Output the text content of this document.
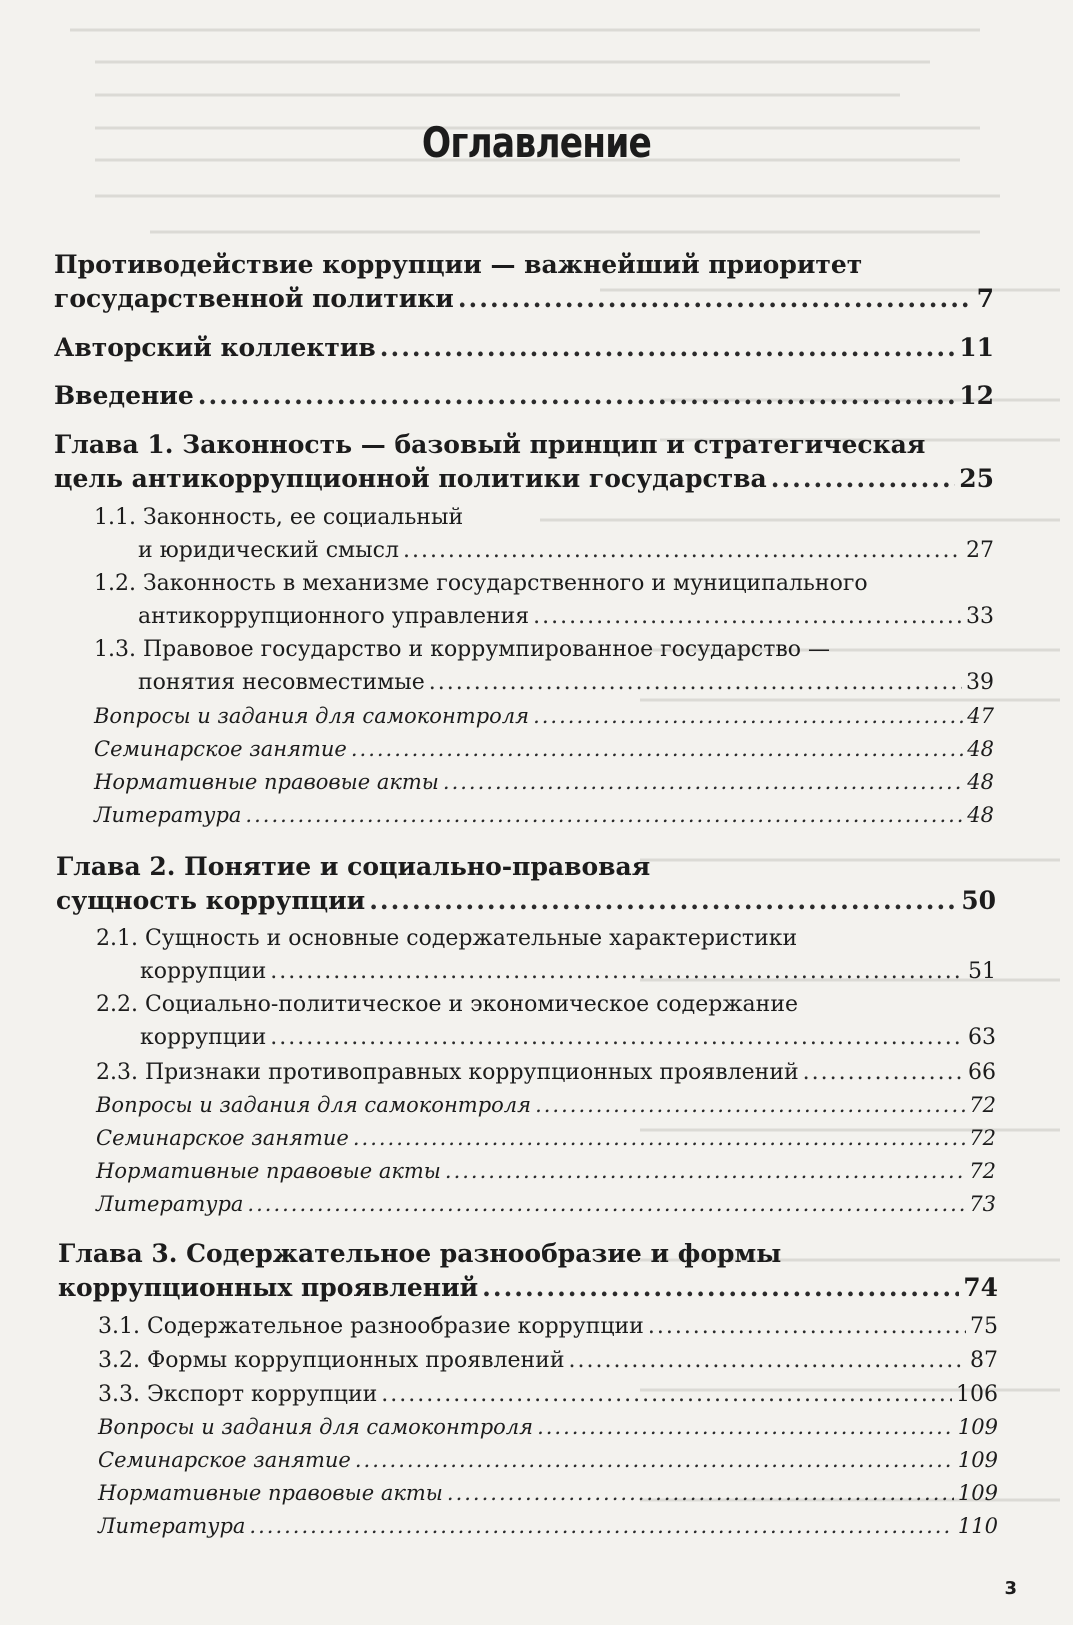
Оглавление
Противодействие коррупции — важнейший приоритет
государственной политики .....	7
Авторский коллектив .....	11
Введение .....	12
Глава 1. Законность — базовый принцип и стратегическая
цель антикоррупционной политики государства .....	25
1.1. Законность, ее социальный
и юридический смысл .....	27
1.2. Законность в механизме государственного и муниципального
антикоррупционного управления .....	33
1.3. Правовое государство и коррумпированное государство —
понятия несовместимые .....	39
Вопросы и задания для самоконтроля .....	47
Семинарское занятие .....	48
Нормативные правовые акты .....	48
Литература .....	48
Глава 2. Понятие и социально-правовая
сущность коррупции .....	50
2.1. Сущность и основные содержательные характеристики
коррупции .....	51
2.2. Социально-политическое и экономическое содержание
коррупции .....	63
2.3. Признаки противоправных коррупционных проявлений .....	66
Вопросы и задания для самоконтроля .....	72
Семинарское занятие .....	72
Нормативные правовые акты .....	72
Литература .....	73
Глава 3. Содержательное разнообразие и формы
коррупционных проявлений .....	74
3.1. Содержательное разнообразие коррупции .....	75
3.2. Формы коррупционных проявлений .....	87
3.3. Экспорт коррупции .....	106
Вопросы и задания для самоконтроля .....	109
Семинарское занятие .....	109
Нормативные правовые акты .....	109
Литература .....	110
3
